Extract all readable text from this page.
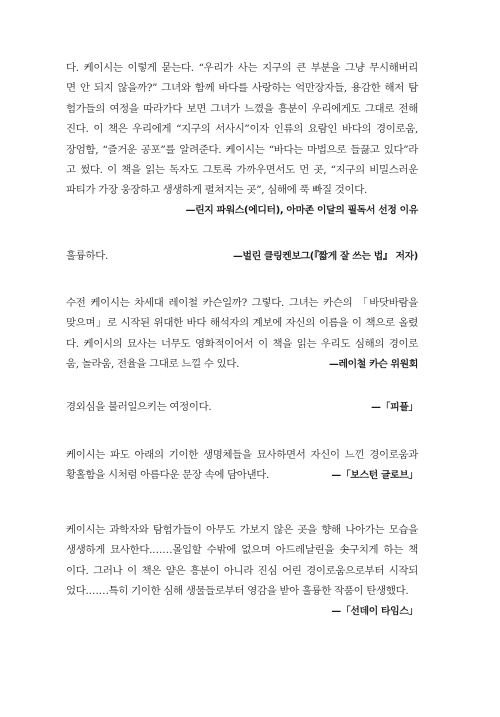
다. 케이시는 이렇게 묻는다. “우리가 사는 지구의 큰 부분을 그냥 무시해버리
면 안 되지 않을까?” 그녀와 함께 바다를 사랑하는 억만장자들, 용감한 해저 탐
험가들의 여정을 따라가다 보면 그녀가 느꼈을 흥분이 우리에게도 그대로 전해
진다. 이 책은 우리에게 “지구의 서사시”이자 인류의 요람인 바다의 경이로움,
장엄함, “즐거운 공포”를 알려준다. 케이시는 “바다는 마법으로 들끓고 있다”라
고 썼다. 이 책을 읽는 독자도 그토록 가까우면서도 먼 곳, “지구의 비밀스러운
파티가 가장 웅장하고 생생하게 펼쳐지는 곳”, 심해에 푹 빠질 것이다.
—린지 파워스(에디터), 아마존 이달의 필독서 선정 이유
훌륭하다.	—벌린 클링켄보그(『짧게 잘 쓰는 법』 저자)
수전 케이시는 차세대 레이철 카슨일까? 그렇다. 그녀는 카슨의 「바닷바람을
맞으며」로 시작된 위대한 바다 해석자의 계보에 자신의 이름을 이 책으로 올렸
다. 케이시의 묘사는 너무도 영화적이어서 이 책을 읽는 우리도 심해의 경이로
움, 놀라움, 전율을 그대로 느낄 수 있다.	—레이철 카슨 위원회
경외심을 불러일으키는 여정이다.	—「피플」
케이시는 파도 아래의 기이한 생명체들을 묘사하면서 자신이 느낀 경이로움과
황홀함을 시처럼 아름다운 문장 속에 담아낸다.	—「보스턴 글로브」
케이시는 과학자와 탐험가들이 아무도 가보지 않은 곳을 향해 나아가는 모습을
생생하게 묘사한다.……몰입할 수밖에 없으며 아드레날린을 솟구치게 하는 책
이다. 그러나 이 책은 얕은 흥분이 아니라 진심 어린 경이로움으로부터 시작되
었다.……특히 기이한 심해 생물들로부터 영감을 받아 훌륭한 작품이 탄생했다.
—「선데이 타임스」
